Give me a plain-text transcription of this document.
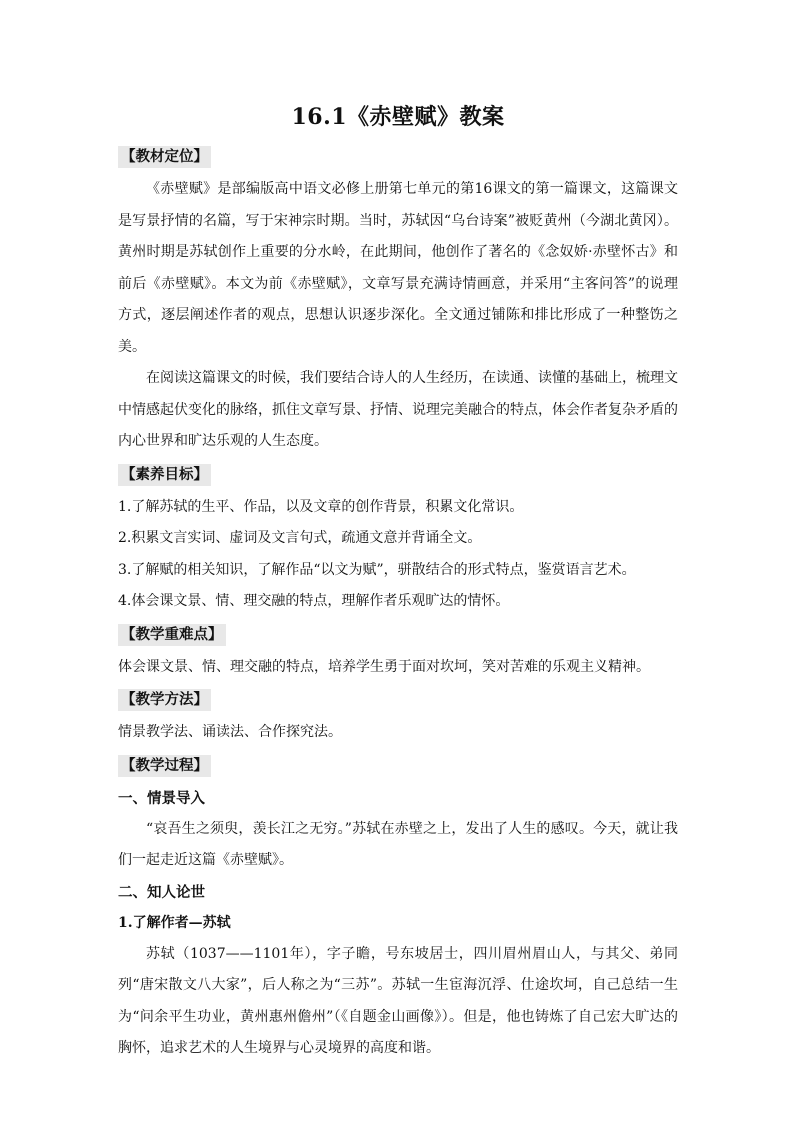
16.1《赤壁赋》教案
【教材定位】

《赤壁赋》是部编版高中语文必修上册第七单元的第16课文的第一篇课文，这篇课文是写景抒情的名篇，写于宋神宗时期。当时，苏轼因“乌台诗案”被贬黄州（今湖北黄冈）。黄州时期是苏轼创作上重要的分水岭，在此期间，他创作了著名的《念奴娇·赤壁怀古》和前后《赤壁赋》。本文为前《赤壁赋》，文章写景充满诗情画意，并采用“主客问答”的说理方式，逐层阐述作者的观点，思想认识逐步深化。全文通过铺陈和排比形成了一种整饬之美。

在阅读这篇课文的时候，我们要结合诗人的人生经历，在读通、读懂的基础上，梳理文中情感起伏变化的脉络，抓住文章写景、抒情、说理完美融合的特点，体会作者复杂矛盾的内心世界和旷达乐观的人生态度。

【素养目标】

1.了解苏轼的生平、作品，以及文章的创作背景，积累文化常识。

2.积累文言实词、虚词及文言句式，疏通文意并背诵全文。

3.了解赋的相关知识，了解作品“以文为赋”，骈散结合的形式特点，鉴赏语言艺术。

4.体会课文景、情、理交融的特点，理解作者乐观旷达的情怀。

【教学重难点】

体会课文景、情、理交融的特点，培养学生勇于面对坎坷，笑对苦难的乐观主义精神。

【教学方法】

情景教学法、诵读法、合作探究法。

【教学过程】

一、情景导入

“哀吾生之须臾，羡长江之无穷。”苏轼在赤壁之上，发出了人生的感叹。今天，就让我们一起走近这篇《赤壁赋》。

二、知人论世

1.了解作者—苏轼

苏轼（1037——1101年），字子瞻，号东坡居士，四川眉州眉山人，与其父、弟同列“唐宋散文八大家”，后人称之为“三苏”。苏轼一生宦海沉浮、仕途坎坷，自己总结一生为“问余平生功业，黄州惠州儋州”（《自题金山画像》）。但是，他也铸炼了自己宏大旷达的胸怀，追求艺术的人生境界与心灵境界的高度和谐。
